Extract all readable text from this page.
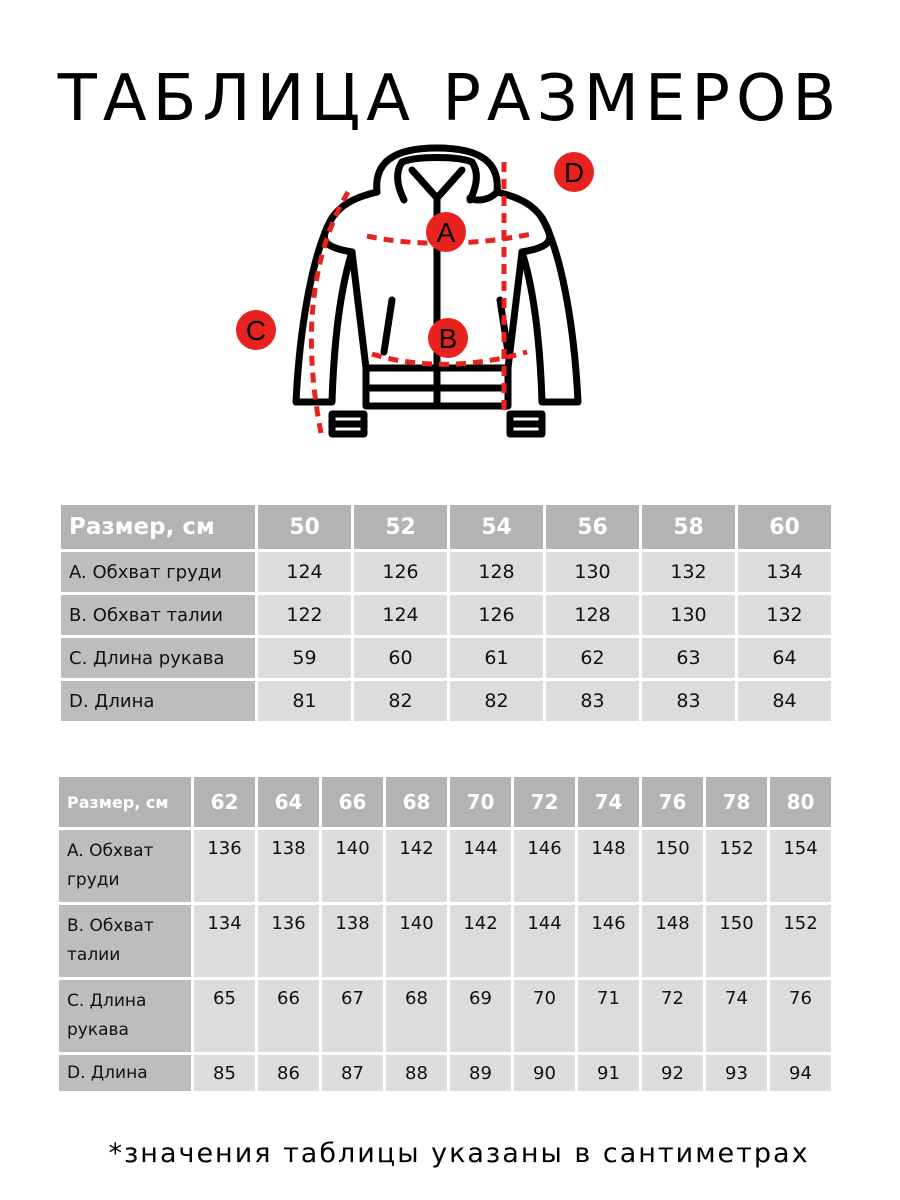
ТАБЛИЦА РАЗМЕРОВ
A
B
C
D
Размер, см	50	52	54	56	58	60
A. Обхват груди	124	126	128	130	132	134
B. Обхват талии	122	124	126	128	130	132
C. Длина рукава	59	60	61	62	63	64
D. Длина	81	82	82	83	83	84
Размер, см	62	64	66	68	70	72	74	76	78	80
A. Обхват
груди	136	138	140	142	144	146	148	150	152	154
B. Обхват
талии	134	136	138	140	142	144	146	148	150	152
C. Длина
рукава	65	66	67	68	69	70	71	72	74	76
D. Длина	85	86	87	88	89	90	91	92	93	94
*значения таблицы указаны в сантиметрах
